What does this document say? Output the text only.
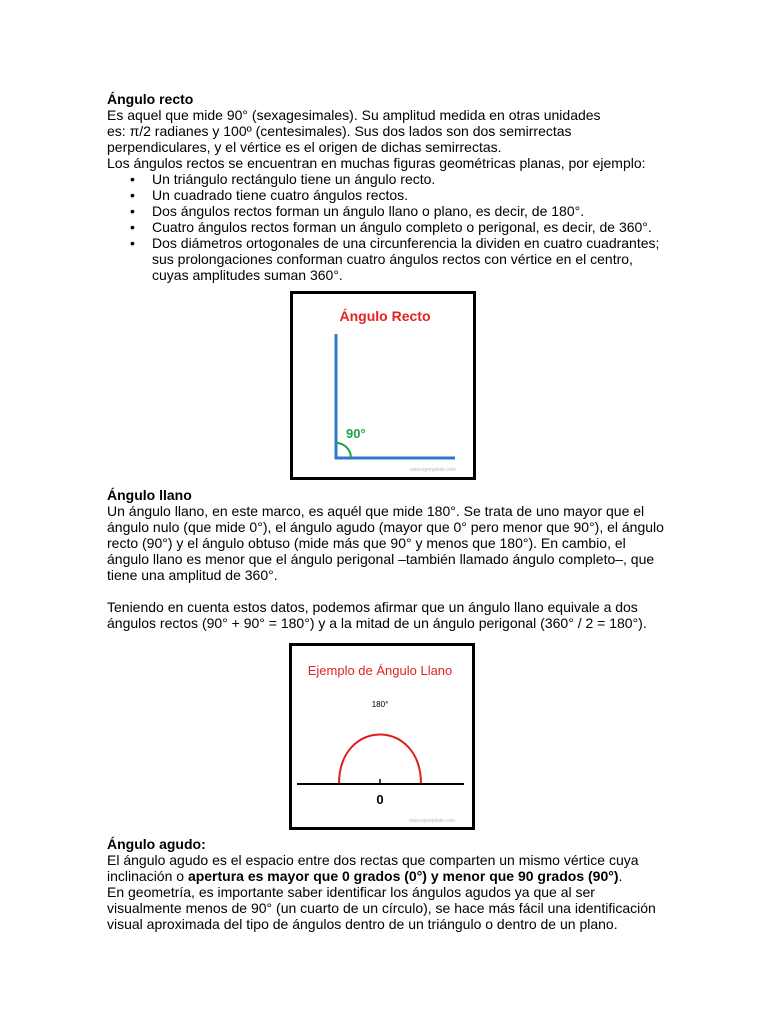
Ángulo recto

Es aquel que mide 90° (sexagesimales). Su amplitud medida en otras unidades

es: π/2 radianes y 100º (centesimales). Sus dos lados son dos semirrectas

perpendiculares, y el vértice es el origen de dichas semirrectas.

Los ángulos rectos se encuentran en muchas figuras geométricas planas, por ejemplo:

• Un triángulo rectángulo tiene un ángulo recto.
• Un cuadrado tiene cuatro ángulos rectos.
• Dos ángulos rectos forman un ángulo llano o plano, es decir, de 180°.
• Cuatro ángulos rectos forman un ángulo completo o perigonal, es decir, de 360°.
• Dos diámetros ortogonales de una circunferencia la dividen en cuatro cuadrantes;
sus prolongaciones conforman cuatro ángulos rectos con vértice en el centro,
cuyas amplitudes suman 360°.
Ángulo Recto
90°
www.ejemplode.com

Ángulo llano

Un ángulo llano, en este marco, es aquél que mide 180°. Se trata de uno mayor que el

ángulo nulo (que mide 0°), el ángulo agudo (mayor que 0° pero menor que 90°), el ángulo

recto (90°) y el ángulo obtuso (mide más que 90° y menos que 180°). En cambio, el

ángulo llano es menor que el ángulo perigonal –también llamado ángulo completo–, que

tiene una amplitud de 360°.

Teniendo en cuenta estos datos, podemos afirmar que un ángulo llano equivale a dos

ángulos rectos (90° + 90° = 180°) y a la mitad de un ángulo perigonal (360° / 2 = 180°).

Ejemplo de Ángulo Llano
180°
0
www.ejemplode.com

Ángulo agudo:

El ángulo agudo es el espacio entre dos rectas que comparten un mismo vértice cuya

inclinación o apertura es mayor que 0 grados (0°) y menor que 90 grados (90°).

En geometría, es importante saber identificar los ángulos agudos ya que al ser

visualmente menos de 90° (un cuarto de un círculo), se hace más fácil una identificación

visual aproximada del tipo de ángulos dentro de un triángulo o dentro de un plano.
